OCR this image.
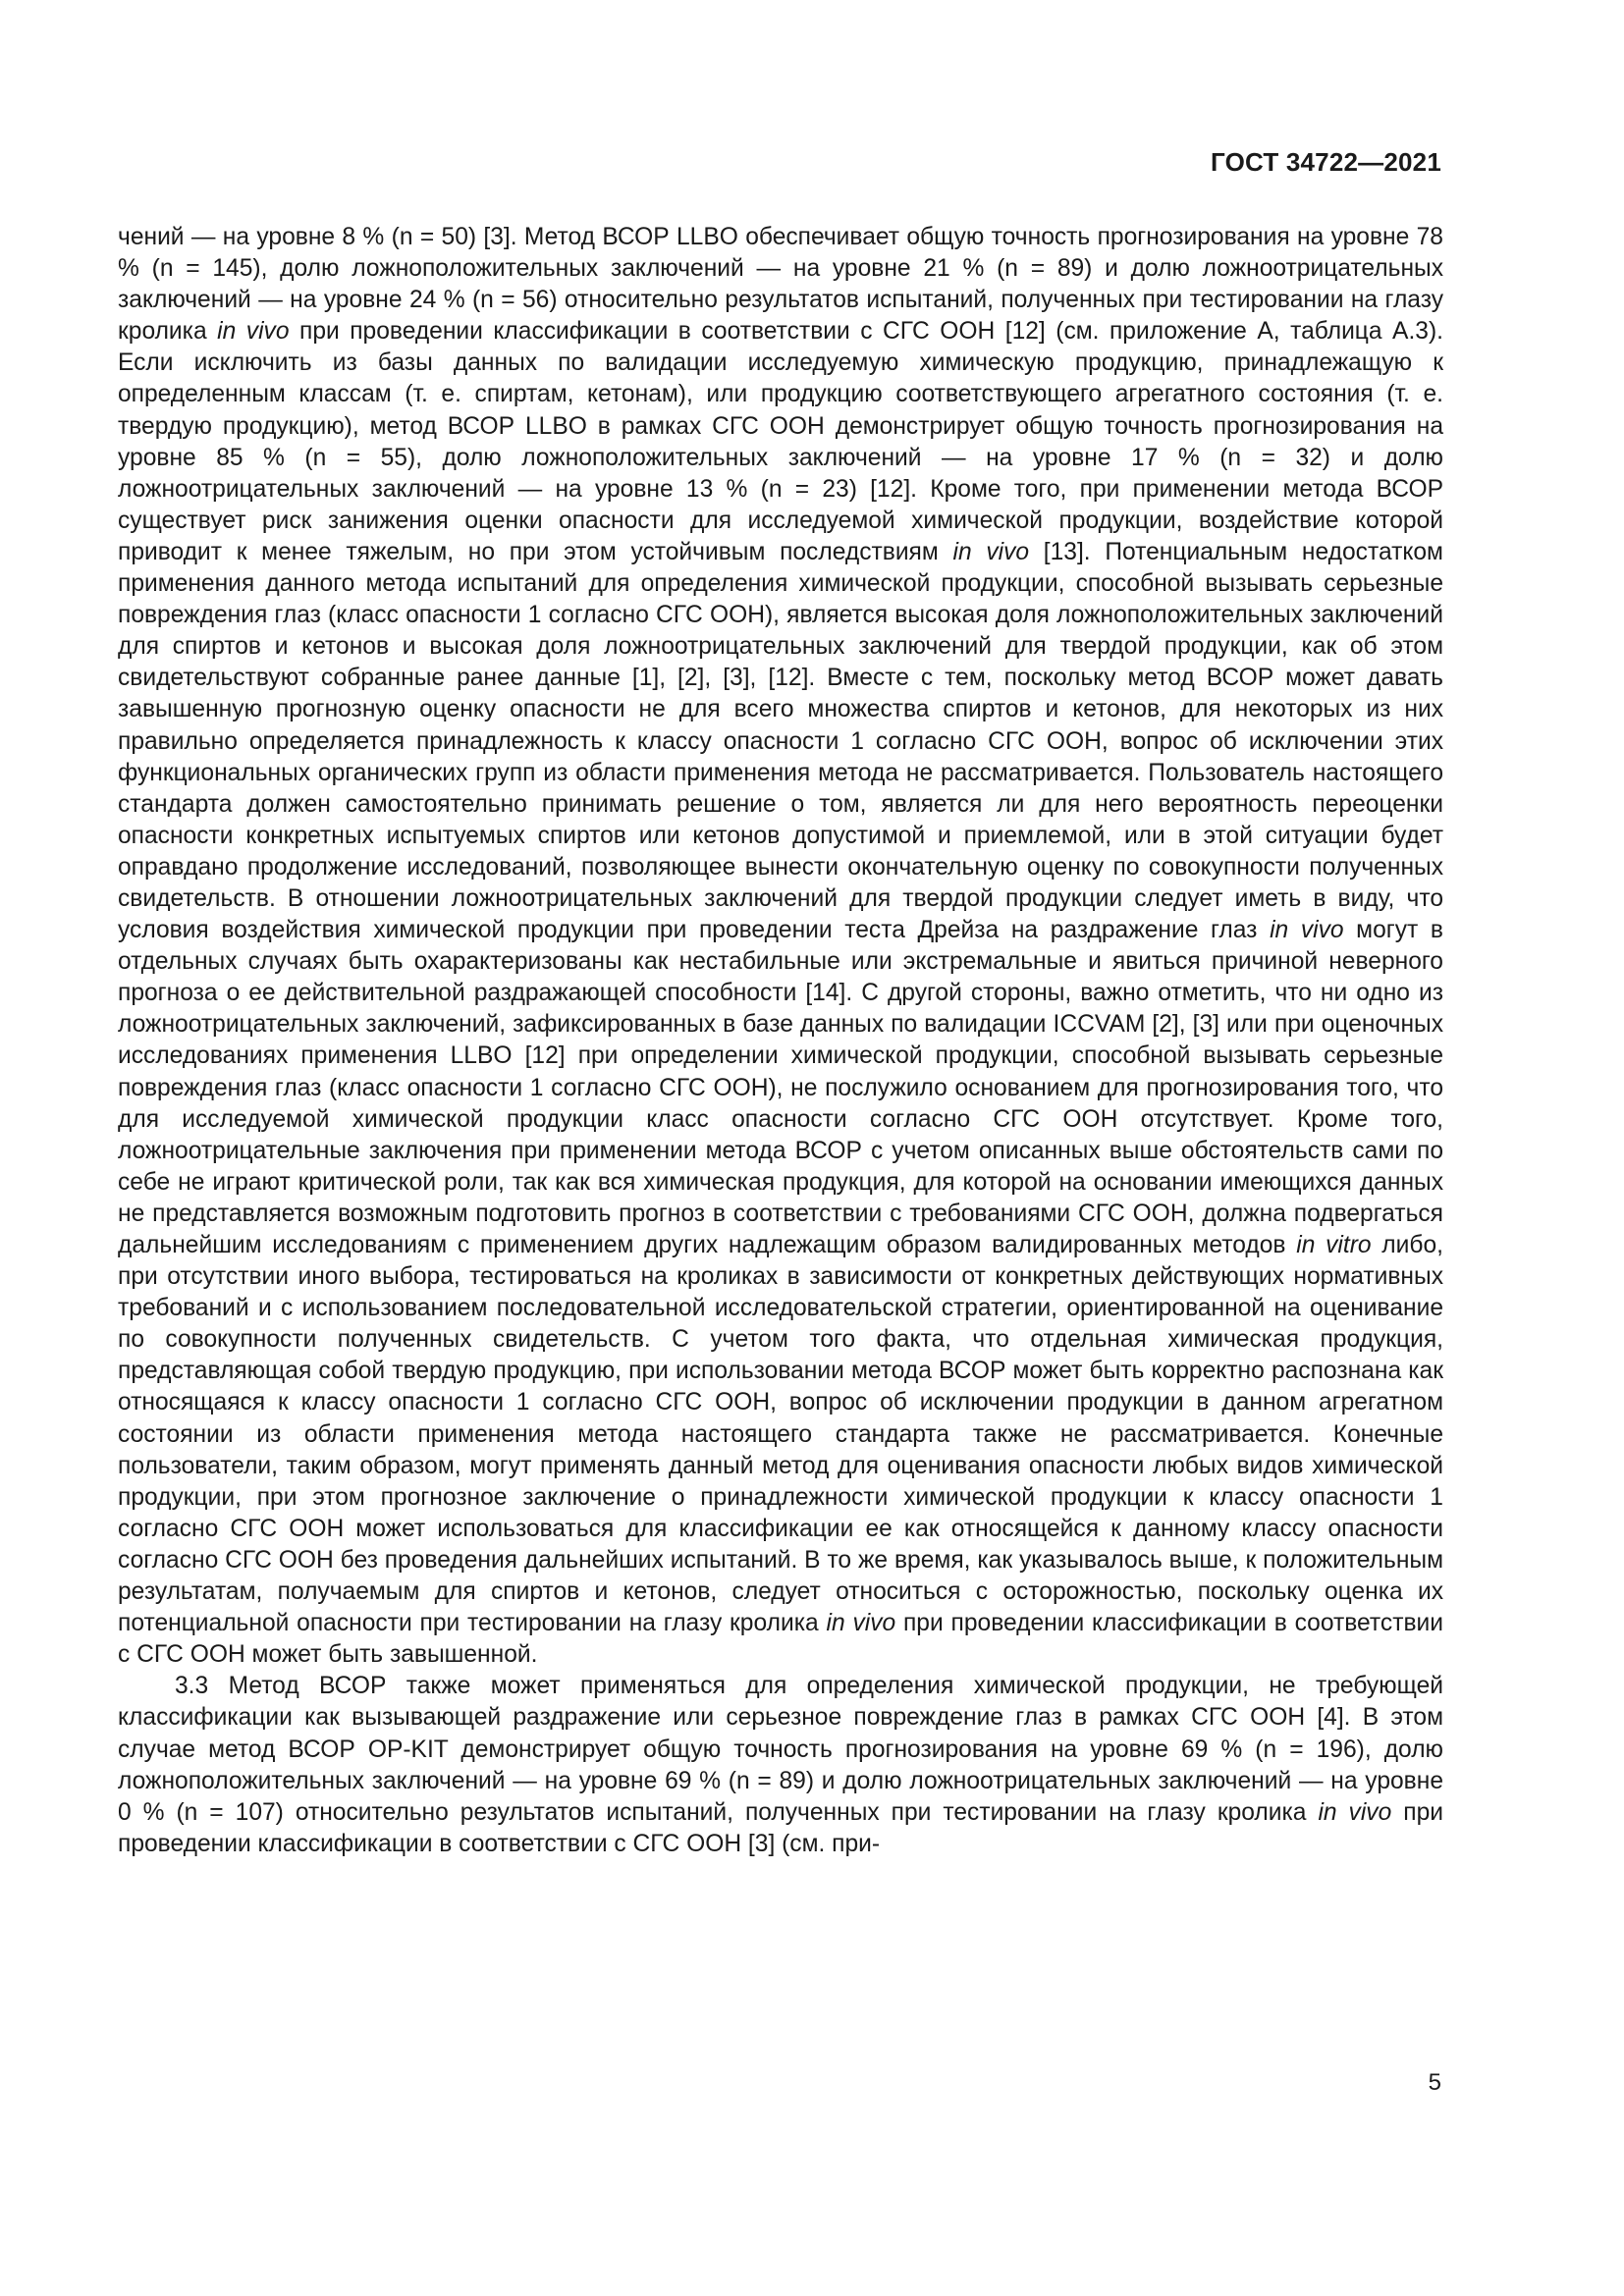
ГОСТ 34722—2021

чений — на уровне 8 % (n = 50) [3]. Метод ВСОР LLBO обеспечивает общую точность прогнозирования на уровне 78 % (n = 145), долю ложноположительных заключений — на уровне 21 % (n = 89) и долю ложноотрицательных заключений — на уровне 24 % (n = 56) относительно результатов испытаний, полученных при тестировании на глазу кролика in vivo при проведении классификации в соответствии с СГС ООН [12] (см. приложение А, таблица А.3). Если исключить из базы данных по валидации исследуемую химическую продукцию, принадлежащую к определенным классам (т. е. спиртам, кетонам), или продукцию соответствующего агрегатного состояния (т. е. твердую продукцию), метод ВСОР LLBO в рамках СГС ООН демонстрирует общую точность прогнозирования на уровне 85 % (n = 55), долю ложноположительных заключений — на уровне 17 % (n = 32) и долю ложноотрицательных заключений — на уровне 13 % (n = 23) [12]. Кроме того, при применении метода ВСОР существует риск занижения оценки опасности для исследуемой химической продукции, воздействие которой приводит к менее тяжелым, но при этом устойчивым последствиям in vivo [13]. Потенциальным недостатком применения данного метода испытаний для определения химической продукции, способной вызывать серьезные повреждения глаз (класс опасности 1 согласно СГС ООН), является высокая доля ложноположительных заключений для спиртов и кетонов и высокая доля ложноотрицательных заключений для твердой продукции, как об этом свидетельствуют собранные ранее данные [1], [2], [3], [12]. Вместе с тем, поскольку метод ВСОР может давать завышенную прогнозную оценку опасности не для всего множества спиртов и кетонов, для некоторых из них правильно определяется принадлежность к классу опасности 1 согласно СГС ООН, вопрос об исключении этих функциональных органических групп из области применения метода не рассматривается. Пользователь настоящего стандарта должен самостоятельно принимать решение о том, является ли для него вероятность переоценки опасности конкретных испытуемых спиртов или кетонов допустимой и приемлемой, или в этой ситуации будет оправдано продолжение исследований, позволяющее вынести окончательную оценку по совокупности полученных свидетельств. В отношении ложноотрицательных заключений для твердой продукции следует иметь в виду, что условия воздействия химической продукции при проведении теста Дрейза на раздражение глаз in vivo могут в отдельных случаях быть охарактеризованы как нестабильные или экстремальные и явиться причиной неверного прогноза о ее действительной раздражающей способности [14]. С другой стороны, важно отметить, что ни одно из ложноотрицательных заключений, зафиксированных в базе данных по валидации ICCVAM [2], [3] или при оценочных исследованиях применения LLBO [12] при определении химической продукции, способной вызывать серьезные повреждения глаз (класс опасности 1 согласно СГС ООН), не послужило основанием для прогнозирования того, что для исследуемой химической продукции класс опасности согласно СГС ООН отсутствует. Кроме того, ложноотрицательные заключения при применении метода ВСОР с учетом описанных выше обстоятельств сами по себе не играют критической роли, так как вся химическая продукция, для которой на основании имеющихся данных не представляется возможным подготовить прогноз в соответствии с требованиями СГС ООН, должна подвергаться дальнейшим исследованиям с применением других надлежащим образом валидированных методов in vitro либо, при отсутствии иного выбора, тестироваться на кроликах в зависимости от конкретных действующих нормативных требований и с использованием последовательной исследовательской стратегии, ориентированной на оценивание по совокупности полученных свидетельств. С учетом того факта, что отдельная химическая продукция, представляющая собой твердую продукцию, при использовании метода ВСОР может быть корректно распознана как относящаяся к классу опасности 1 согласно СГС ООН, вопрос об исключении продукции в данном агрегатном состоянии из области применения метода настоящего стандарта также не рассматривается. Конечные пользователи, таким образом, могут применять данный метод для оценивания опасности любых видов химической продукции, при этом прогнозное заключение о принадлежности химической продукции к классу опасности 1 согласно СГС ООН может использоваться для классификации ее как относящейся к данному классу опасности согласно СГС ООН без проведения дальнейших испытаний. В то же время, как указывалось выше, к положительным результатам, получаемым для спиртов и кетонов, следует относиться с осторожностью, поскольку оценка их потенциальной опасности при тестировании на глазу кролика in vivo при проведении классификации в соответствии с СГС ООН может быть завышенной.

3.3 Метод ВСОР также может применяться для определения химической продукции, не требующей классификации как вызывающей раздражение или серьезное повреждение глаз в рамках СГС ООН [4]. В этом случае метод ВСОР OP-KIT демонстрирует общую точность прогнозирования на уровне 69 % (n = 196), долю ложноположительных заключений — на уровне 69 % (n = 89) и долю ложноотрицательных заключений — на уровне 0 % (n = 107) относительно результатов испытаний, полученных при тестировании на глазу кролика in vivo при проведении классификации в соответствии с СГС ООН [3] (см. при-

5
